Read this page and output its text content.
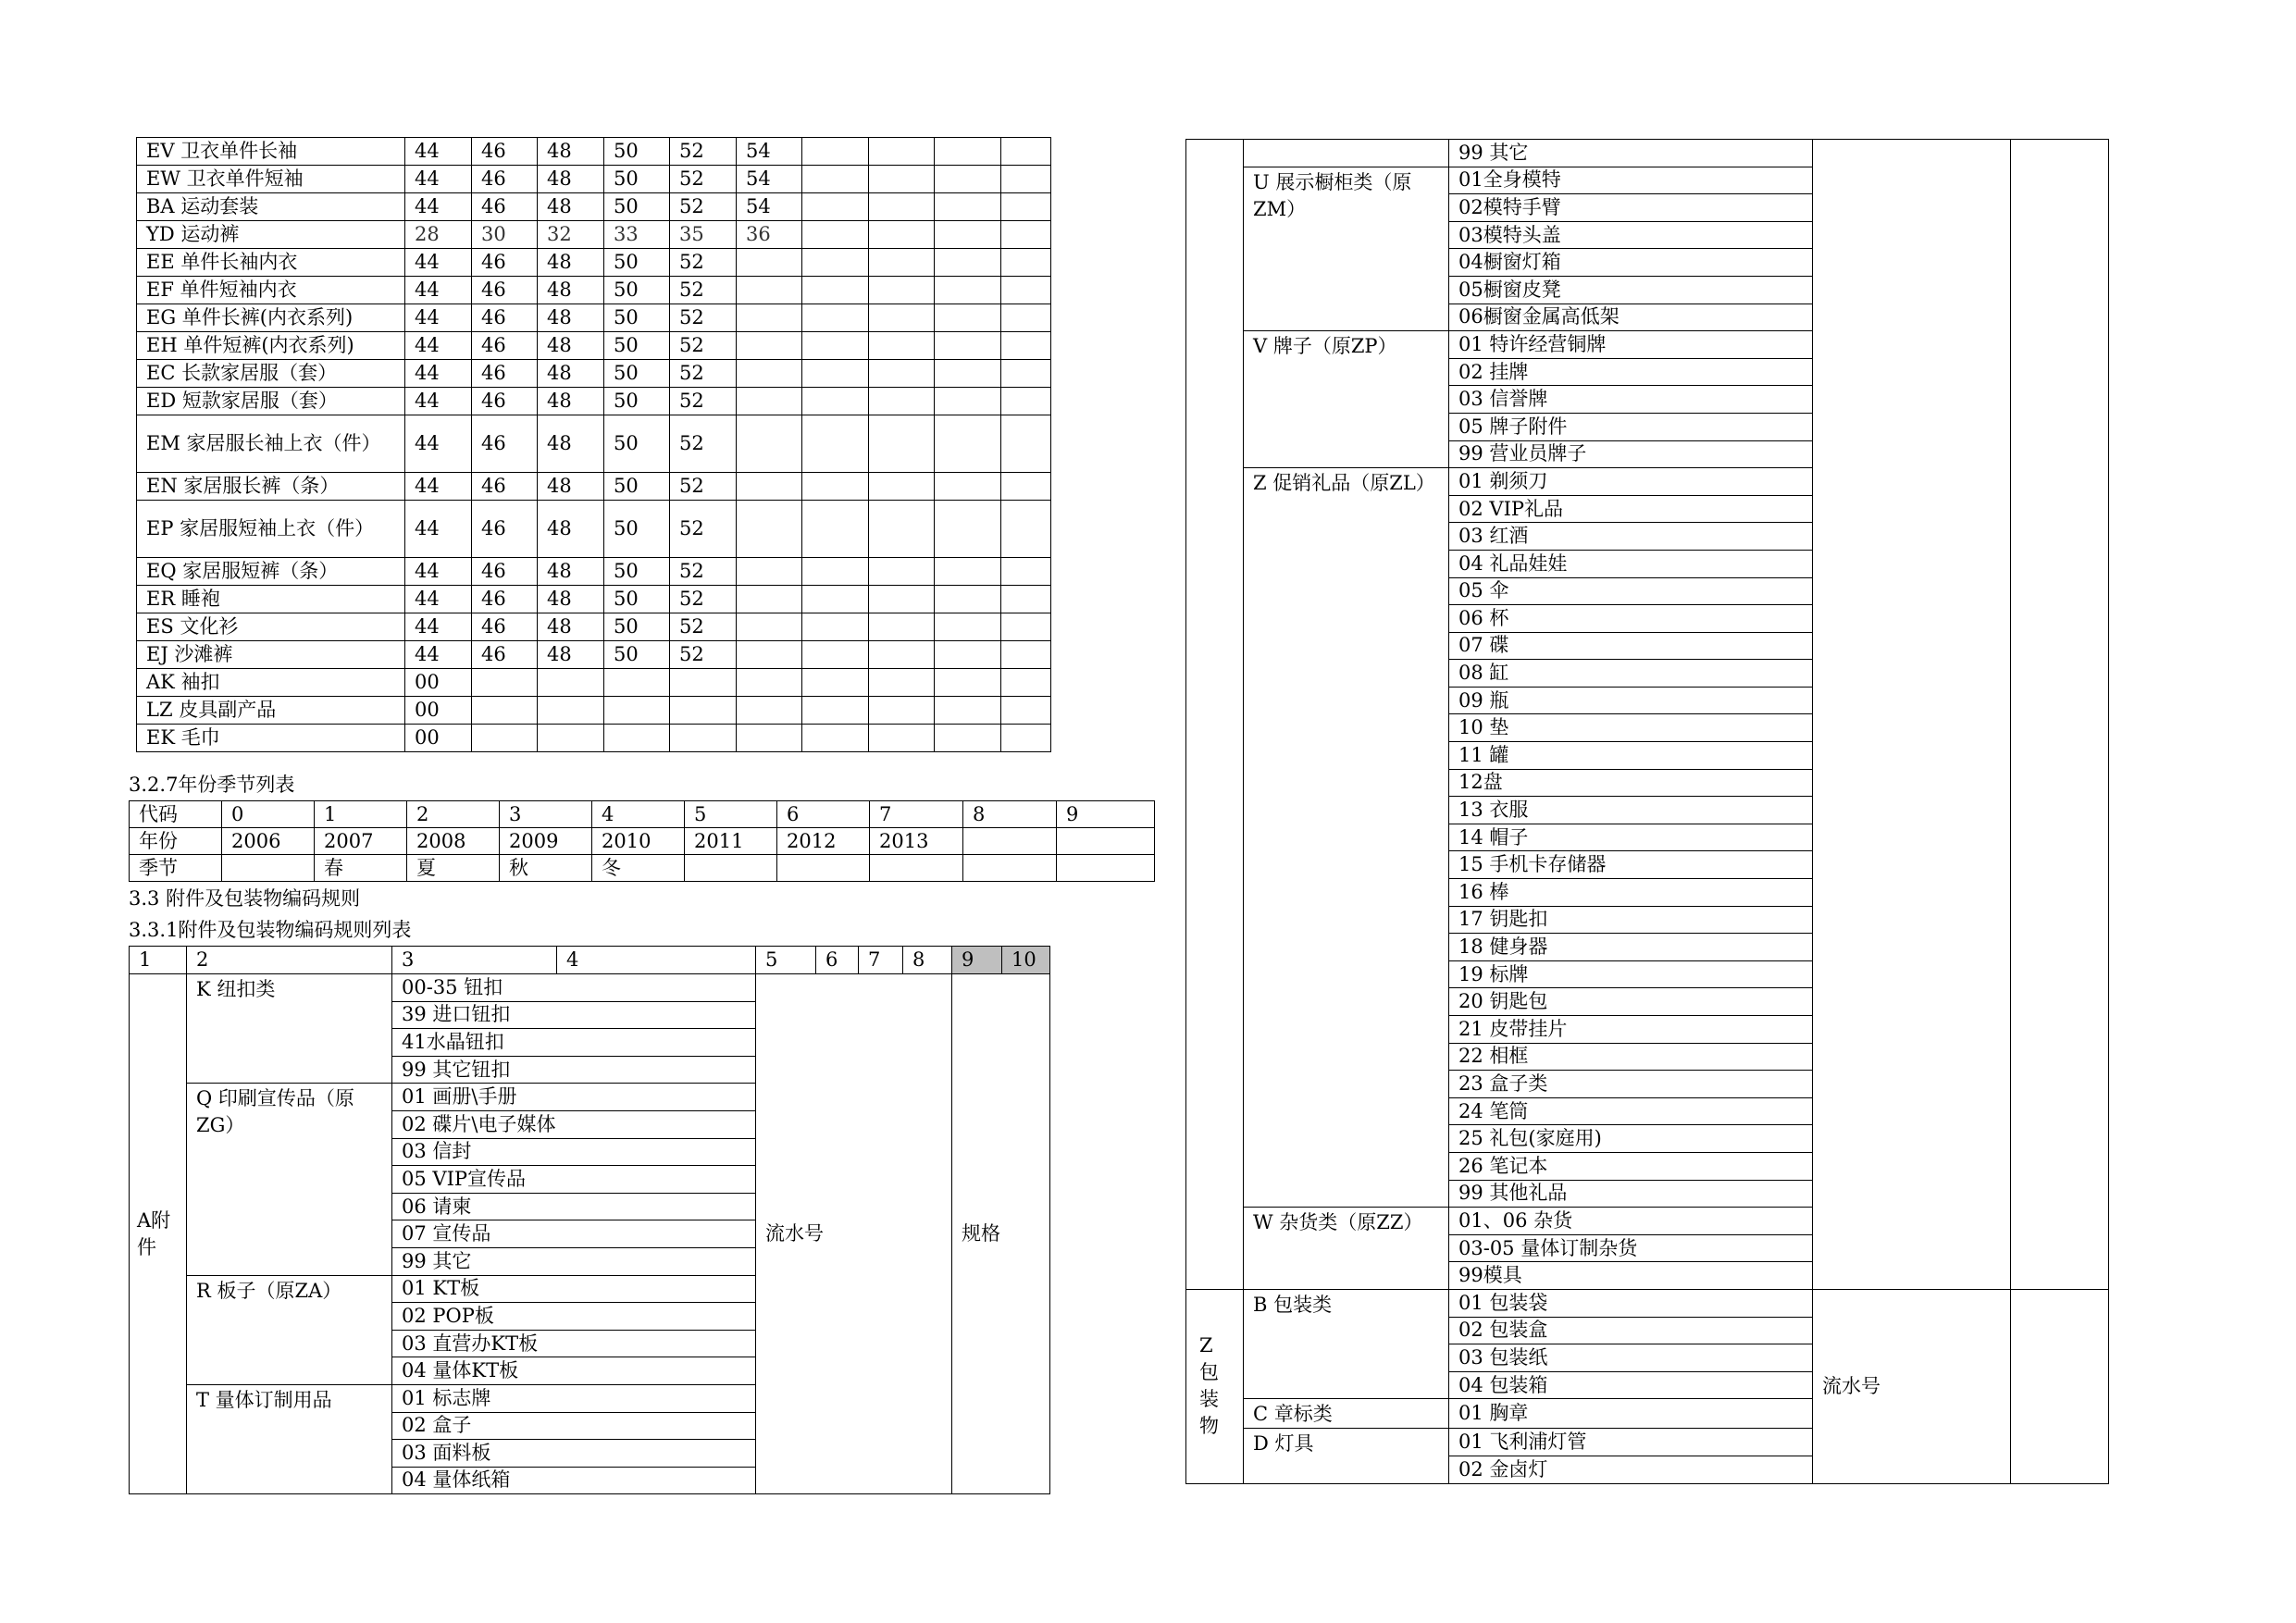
EV 卫衣单件长袖	44	46	48	50	52	54				
EW 卫衣单件短袖	44	46	48	50	52	54				
BA 运动套装	44	46	48	50	52	54				
YD 运动裤	28	30	32	33	35	36				
EE 单件长袖内衣	44	46	48	50	52					
EF 单件短袖内衣	44	46	48	50	52					
EG 单件长裤(内衣系列)	44	46	48	50	52					
EH 单件短裤(内衣系列)	44	46	48	50	52					
EC 长款家居服（套）	44	46	48	50	52					
ED 短款家居服（套）	44	46	48	50	52					
EM 家居服长袖上衣（件）	44	46	48	50	52					
EN 家居服长裤（条）	44	46	48	50	52					
EP 家居服短袖上衣（件）	44	46	48	50	52					
EQ 家居服短裤（条）	44	46	48	50	52					
ER 睡袍	44	46	48	50	52					
ES 文化衫	44	46	48	50	52					
EJ 沙滩裤	44	46	48	50	52					
AK 袖扣	00									
LZ 皮具副产品	00									
EK 毛巾	00									
3.2.7年份季节列表
代码	0	1	2	3	4	5	6	7	8	9
年份	2006	2007	2008	2009	2010	2011	2012	2013		
季节		春	夏	秋	冬					
3.3 附件及包装物编码规则
3.3.1附件及包装物编码规则列表
1	2	3	4	5	6	7	8	9	10
A附件	K 纽扣类	00-35 钮扣		流水号				规格	
		39 进口钮扣							
		41水晶钮扣							
		99 其它钮扣							
	Q 印刷宣传品（原ZG）	01 画册\手册							
		02 碟片\电子媒体							
		03 信封							
		05 VIP宣传品							
		06 请柬							
		07 宣传品							
		99 其它							
	R 板子（原ZA）	01 KT板							
		02 POP板							
		03 直营办KT板							
		04 量体KT板							
	T 量体订制用品	01 标志牌							
		02 盒子							
		03 面料板							
		04 量体纸箱							
		99 其它		
	U 展示橱柜类（原ZM）	01全身模特		
		02模特手臂		
		03模特头盖		
		04橱窗灯箱		
		05橱窗皮凳		
		06橱窗金属高低架		
	V 牌子（原ZP）	01 特许经营铜牌		
		02 挂牌		
		03 信誉牌		
		05 牌子附件		
		99 营业员牌子		
	Z 促销礼品（原ZL）	01 剃须刀		
		02 VIP礼品		
		03 红酒		
		04 礼品娃娃		
		05 伞		
		06 杯		
		07 碟		
		08 缸		
		09 瓶		
		10 垫		
		11 罐		
		12盘		
		13 衣服		
		14 帽子		
		15 手机卡存储器		
		16 棒		
		17 钥匙扣		
		18 健身器		
		19 标牌		
		20 钥匙包		
		21 皮带挂片		
		22 相框		
		23 盒子类		
		24 笔筒		
		25 礼包(家庭用)		
		26 笔记本		
		99 其他礼品		
	W 杂货类（原ZZ）	01、06 杂货		
		03-05 量体订制杂货		
		99模具		
Z包装物	B 包装类	01 包装袋	流水号	
		02 包装盒		
		03 包装纸		
		04 包装箱		
	C 章标类	01 胸章		
	D 灯具	01 飞利浦灯管		
		02 金卤灯		
